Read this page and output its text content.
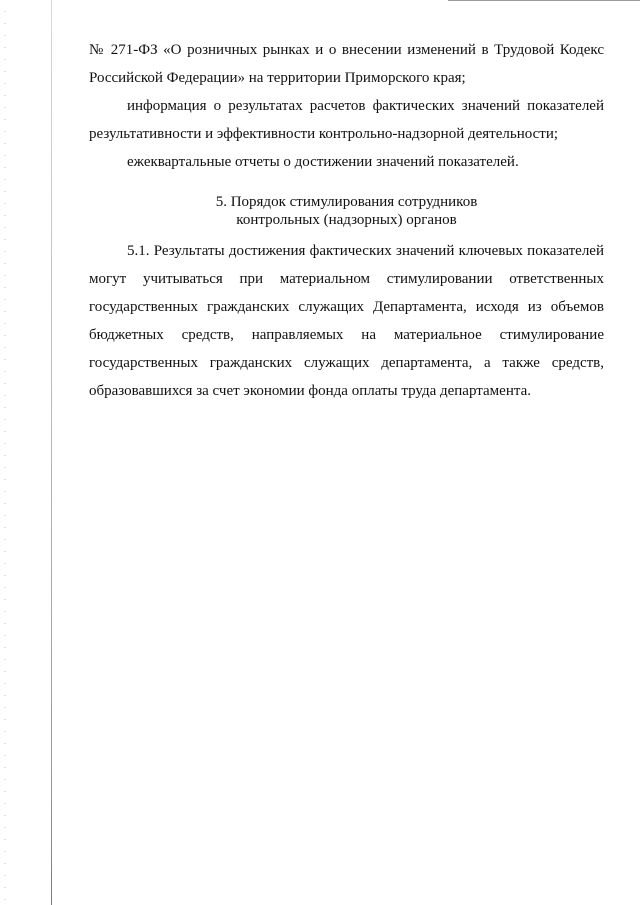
№ 271-ФЗ «О розничных рынках и о внесении изменений в Трудовой Кодекс
Российской Федерации» на территории Приморского края;

информация о результатах расчетов фактических значений показателей
результативности и эффективности контрольно-надзорной деятельности;

ежеквартальные отчеты о достижении значений показателей.

5. Порядок стимулирования сотрудников
контрольных (надзорных) органов

5.1. Результаты достижения фактических значений ключевых показателей
могут учитываться при материальном стимулировании ответственных
государственных гражданских служащих Департамента, исходя из объемов
бюджетных средств, направляемых на материальное стимулирование
государственных гражданских служащих департамента, а также средств,
образовавшихся за счет экономии фонда оплаты труда департамента.
